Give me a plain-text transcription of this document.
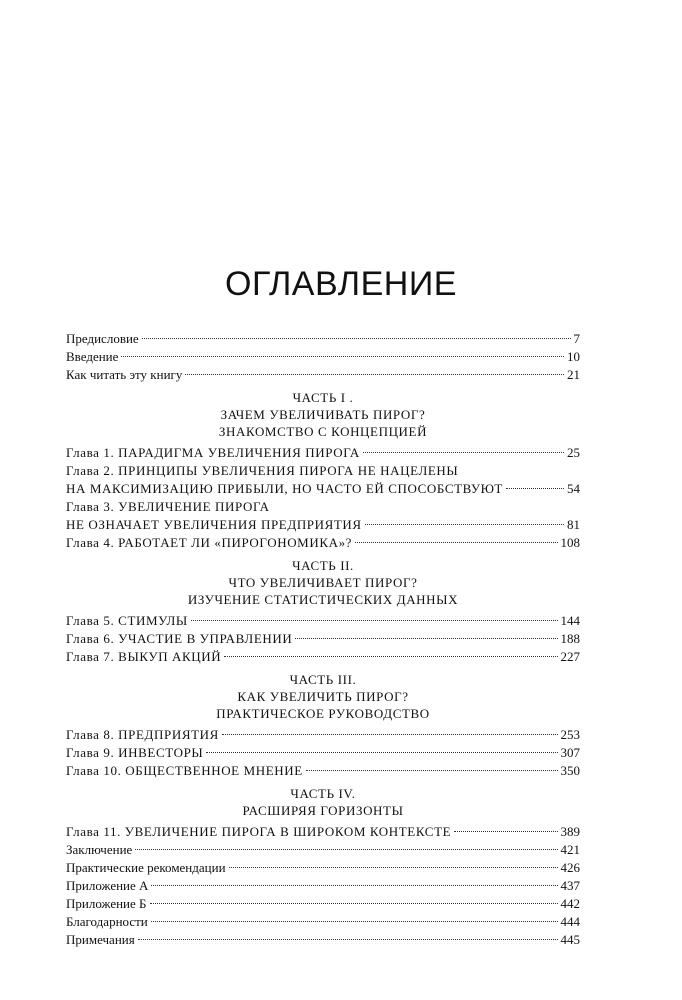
ОГЛАВЛЕНИЕ
Предисловие	7
Введение	10
Как читать эту книгу	21
ЧАСТЬ I .
ЗАЧЕМ УВЕЛИЧИВАТЬ ПИРОГ?
ЗНАКОМСТВО С КОНЦЕПЦИЕЙ
Глава 1. ПАРАДИГМА УВЕЛИЧЕНИЯ ПИРОГА	25
Глава 2. ПРИНЦИПЫ УВЕЛИЧЕНИЯ ПИРОГА НЕ НАЦЕЛЕНЫ
НА МАКСИМИЗАЦИЮ ПРИБЫЛИ, НО ЧАСТО ЕЙ СПОСОБСТВУЮТ	54
Глава 3. УВЕЛИЧЕНИЕ ПИРОГА
НЕ ОЗНАЧАЕТ УВЕЛИЧЕНИЯ ПРЕДПРИЯТИЯ	81
Глава 4. РАБОТАЕТ ЛИ «ПИРОГОНОМИКА»?	108
ЧАСТЬ II.
ЧТО УВЕЛИЧИВАЕТ ПИРОГ?
ИЗУЧЕНИЕ СТАТИСТИЧЕСКИХ ДАННЫХ
Глава 5. СТИМУЛЫ	144
Глава 6. УЧАСТИЕ В УПРАВЛЕНИИ	188
Глава 7. ВЫКУП АКЦИЙ	227
ЧАСТЬ III.
КАК УВЕЛИЧИТЬ ПИРОГ?
ПРАКТИЧЕСКОЕ РУКОВОДСТВО
Глава 8. ПРЕДПРИЯТИЯ	253
Глава 9. ИНВЕСТОРЫ	307
Глава 10. ОБЩЕСТВЕННОЕ МНЕНИЕ	350
ЧАСТЬ IV.
РАСШИРЯЯ ГОРИЗОНТЫ
Глава 11. УВЕЛИЧЕНИЕ ПИРОГА В ШИРОКОМ КОНТЕКСТЕ	389
Заключение	421
Практические рекомендации	426
Приложение А	437
Приложение Б	442
Благодарности	444
Примечания	445
